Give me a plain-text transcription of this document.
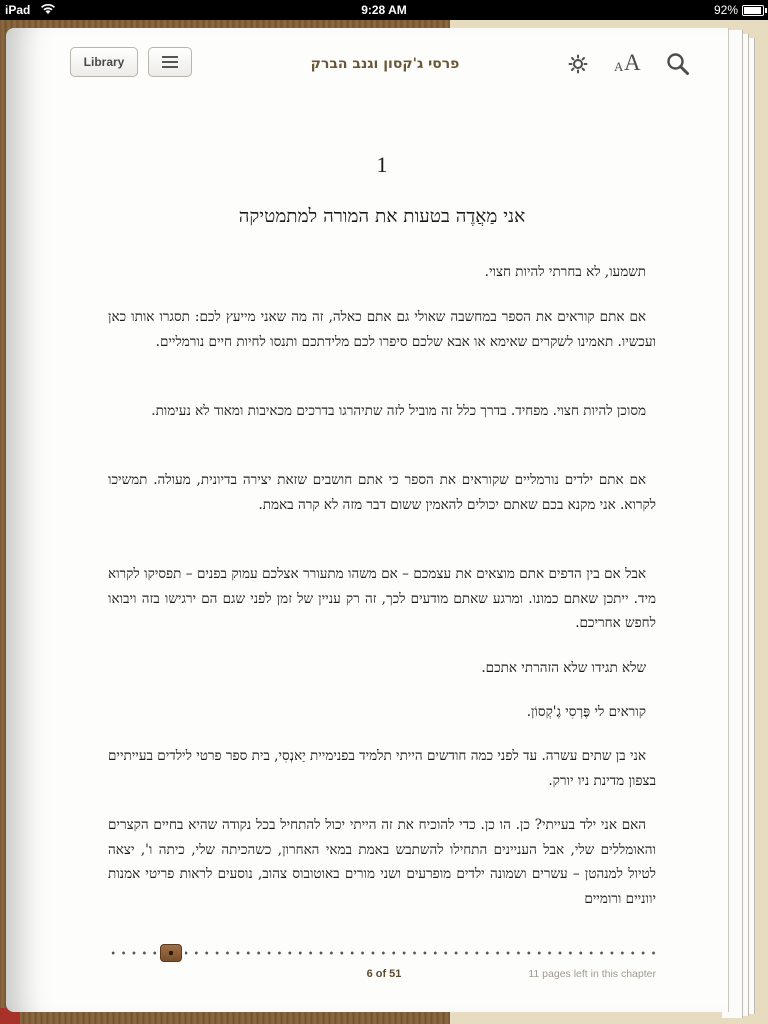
iPad	9:28 AM	92%
Library	פרסי ג'קסון וגנב הברק	A A
1
אני מַאֲדֶה בטעות את המורה למתמטיקה

תשמעו, לא בחרתי להיות חצוי.

אם אתם קוראים את הספר במחשבה שאולי גם אתם כאלה, זה מה שאני מייעץ לכם: תסגרו אותו כאן ועכשיו. תאמינו לשקרים שאימא או אבא שלכם סיפרו לכם מלידתכם ותנסו לחיות חיים נורמליים.

מסוכן להיות חצוי. מפחיד. בדרך כלל זה מוביל לזה שתיהרגו בדרכים מכאיבות ומאוד לא נעימות.

אם אתם ילדים נורמליים שקוראים את הספר כי אתם חושבים שזאת יצירה בדיונית, מעולה. תמשיכו לקרוא. אני מקנא בכם שאתם יכולים להאמין ששום דבר מזה לא קרה באמת.

אבל אם בין הדפים אתם מוצאים את עצמכם – אם משהו מתעורר אצלכם עמוק בפנים – תפסיקו לקרוא מיד. ייתכן שאתם כמונו. ומרגע שאתם מודעים לכך, זה רק עניין של זמן לפני שגם הם ירגישו בזה ויבואו לחפש אחריכם.

שלא תגידו שלא הזהרתי אתכם.

קוראים לי פֶּרְסִי גֶ'קְסוֹן.

אני בן שתים עשרה. עד לפני כמה חודשים הייתי תלמיד בפנימיית יַאנְסִי, בית ספר פרטי לילדים בעייתיים בצפון מדינת ניו יורק.

האם אני ילד בעייתי? כן. הו כן. כדי להוכיח את זה הייתי יכול להתחיל בכל נקודה שהיא בחיים הקצרים והאומללים שלי, אבל העניינים התחילו להשתבש באמת במאי האחרון, כשהכיתה שלי, כיתה ו', יצאה לטיול למנהטן – עשרים ושמונה ילדים מופרעים ושני מורים באוטובוס צהוב, נוסעים לראות פריטי אמנות יווניים ורומיים

6 of 51	11 pages left in this chapter
